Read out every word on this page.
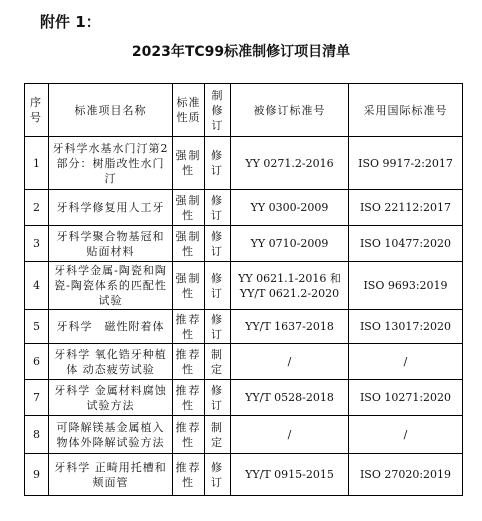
附件 1：
2023年TC99标准制修订项目清单
序号	标准项目名称	标准性质	制修订	被修订标准号	采用国际标准号
1	牙科学水基水门汀第2部分：树脂改性水门汀	强制性	修订	YY 0271.2-2016	ISO 9917-2:2017
2	牙科学修复用人工牙	强制性	修订	YY 0300-2009	ISO 22112:2017
3	牙科学聚合物基冠和贴面材料	强制性	修订	YY 0710-2009	ISO 10477:2020
4	牙科学金属-陶瓷和陶瓷-陶瓷体系的匹配性试验	强制性	修订	YY 0621.1-2016 和 YY/T 0621.2-2020	ISO 9693:2019
5	牙科学　磁性附着体	推荐性	修订	YY/T 1637-2018	ISO 13017:2020
6	牙科学 氧化锆牙种植体 动态疲劳试验	推荐性	制定	/	/
7	牙科学 金属材料腐蚀试验方法	推荐性	修订	YY/T 0528-2018	ISO 10271:2020
8	可降解镁基金属植入物体外降解试验方法	推荐性	制定	/	/
9	牙科学 正畸用托槽和颊面管	推荐性	修订	YY/T 0915-2015	ISO 27020:2019
